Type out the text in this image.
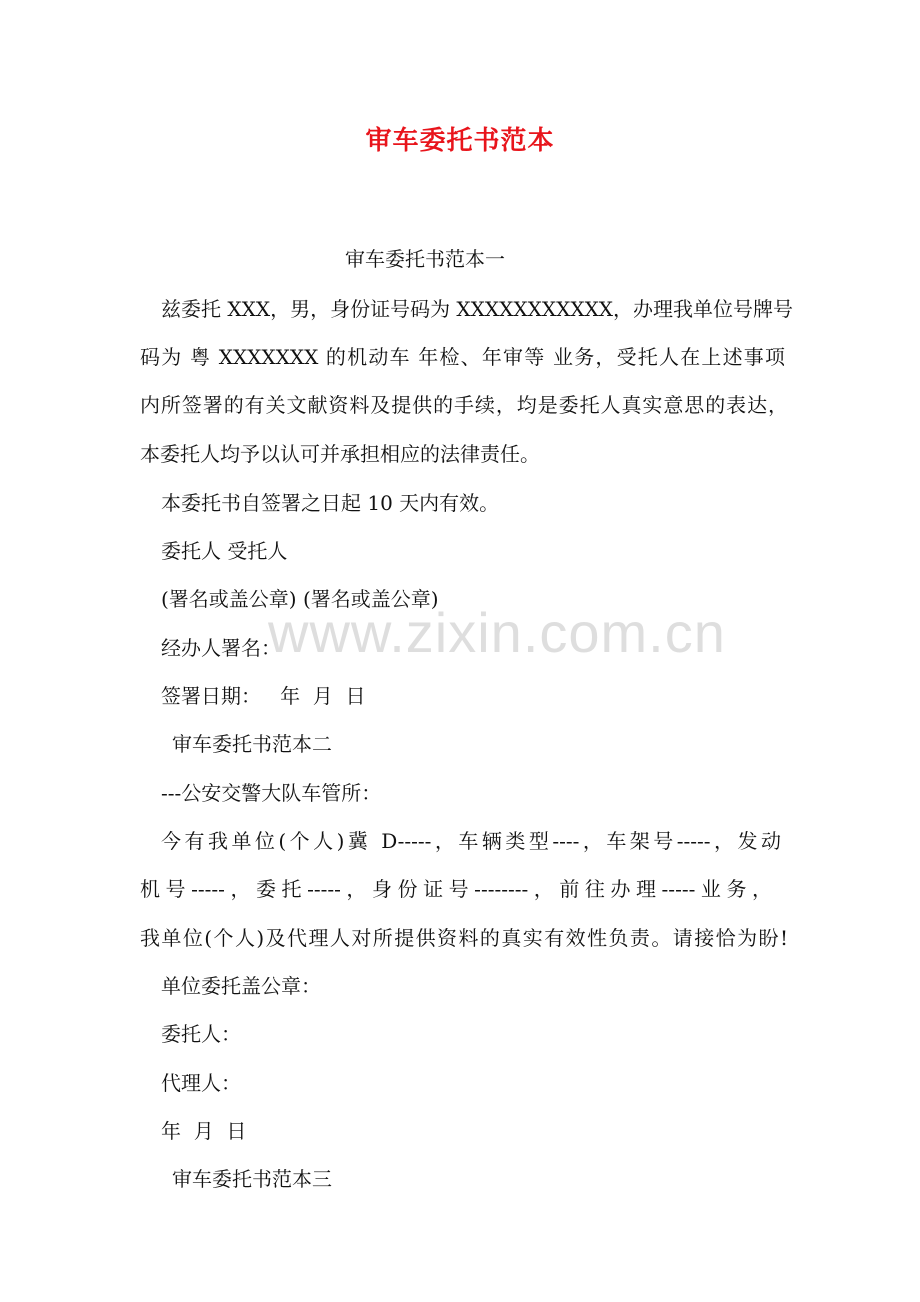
审车委托书范本
www.zixin.com.cn
审车委托书范本一
兹委托 XXX，男，身份证号码为 XXXXXXXXXXX，办理我单位号牌号
码为 粤 XXXXXXX 的机动车 年检、年审等 业务，受托人在上述事项
内所签署的有关文献资料及提供的手续，均是委托人真实意思的表达，
本委托人均予以认可并承担相应的法律责任。
本委托书自签署之日起 10 天内有效。
委托人 受托人
(署名或盖公章) (署名或盖公章)
经办人署名：
签署日期：   年  月  日
审车委托书范本二
---公安交警大队车管所：
今有我单位(个人)冀 D-----，车辆类型----，车架号-----，发动
机号-----，委托-----，身份证号--------，前往办理-----业务，
我单位(个人)及代理人对所提供资料的真实有效性负责。请接恰为盼!
单位委托盖公章：
委托人：
代理人：
年  月  日
审车委托书范本三
